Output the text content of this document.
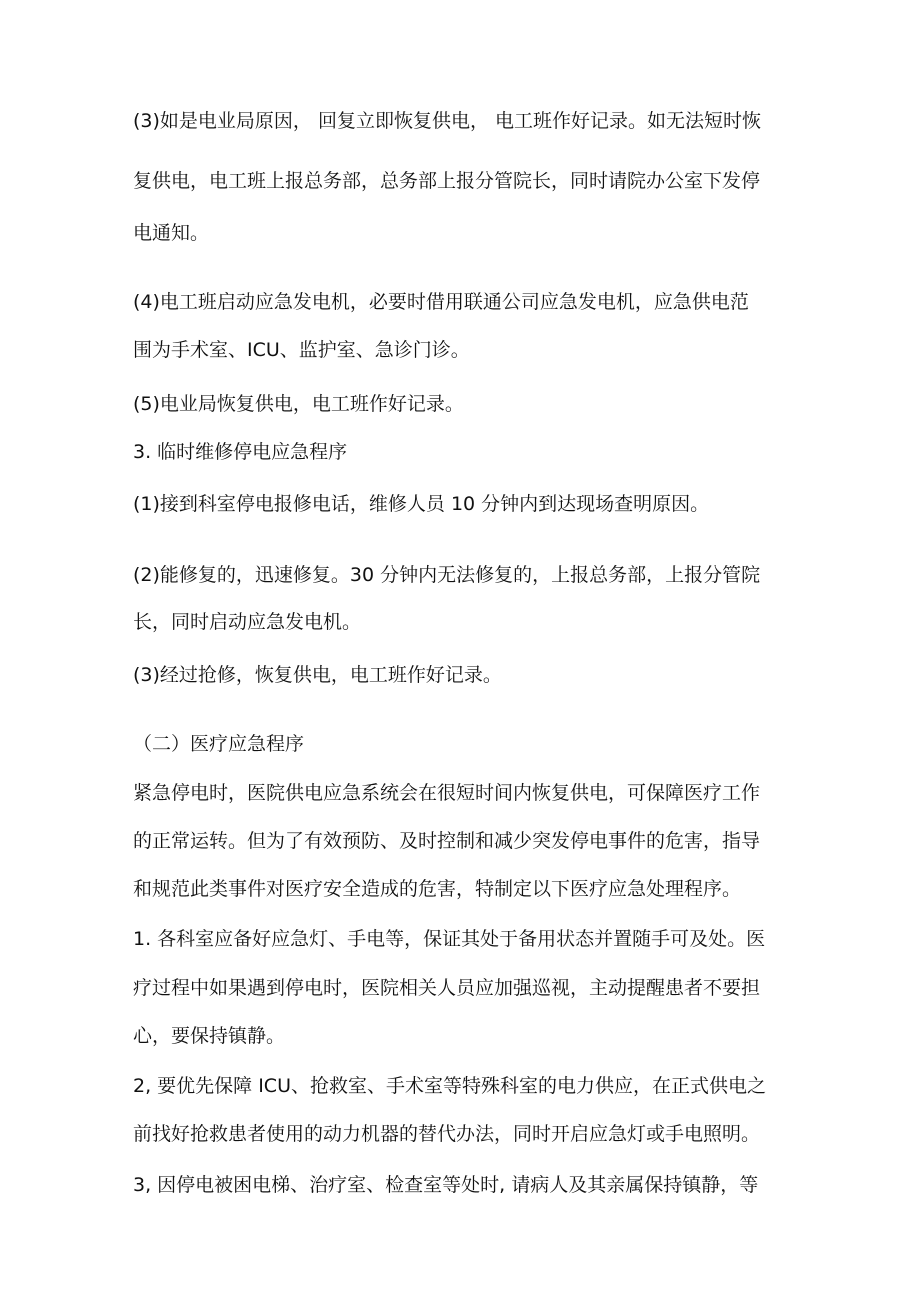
(3)如是电业局原因， 回复立即恢复供电， 电工班作好记录。如无法短时恢
复供电，电工班上报总务部，总务部上报分管院长，同时请院办公室下发停
电通知。
(4)电工班启动应急发电机，必要时借用联通公司应急发电机，应急供电范
围为手术室、ICU、监护室、急诊门诊。
(5)电业局恢复供电，电工班作好记录。
3. 临时维修停电应急程序
(1)接到科室停电报修电话，维修人员 10 分钟内到达现场查明原因。
(2)能修复的，迅速修复。30 分钟内无法修复的，上报总务部，上报分管院
长，同时启动应急发电机。
(3)经过抢修，恢复供电，电工班作好记录。
（二）医疗应急程序
紧急停电时，医院供电应急系统会在很短时间内恢复供电，可保障医疗工作
的正常运转。但为了有效预防、及时控制和减少突发停电事件的危害，指导
和规范此类事件对医疗安全造成的危害，特制定以下医疗应急处理程序。
1. 各科室应备好应急灯、手电等，保证其处于备用状态并置随手可及处。医
疗过程中如果遇到停电时，医院相关人员应加强巡视，主动提醒患者不要担
心，要保持镇静。
2, 要优先保障 ICU、抢救室、手术室等特殊科室的电力供应，在正式供电之
前找好抢救患者使用的动力机器的替代办法，同时开启应急灯或手电照明。
3, 因停电被困电梯、治疗室、检查室等处时, 请病人及其亲属保持镇静，等
